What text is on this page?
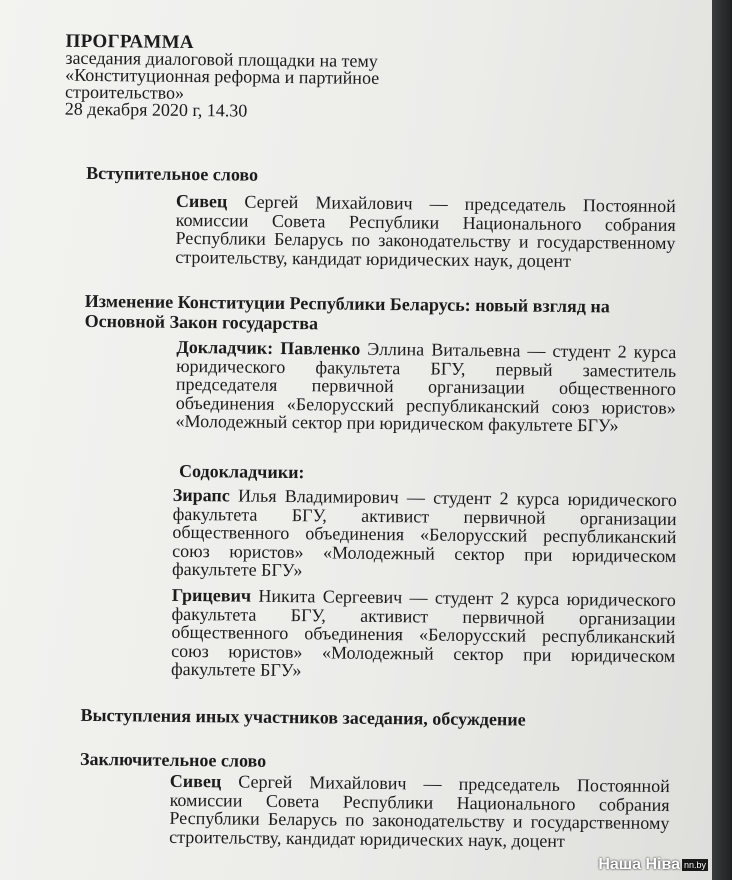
ПРОГРАММА
заседания диалоговой площадки на тему
«Конституционная реформа и партийное
строительство»
28 декабря 2020 г, 14.30
Вступительное слово
Сивец Сергей Михайлович — председатель Постоянной комиссии Совета Республики Национального собрания Республики Беларусь по законодательству и государственному строительству, кандидат юридических наук, доцент
Изменение Конституции Республики Беларусь: новый взгляд на Основной Закон государства
Докладчик: Павленко Эллина Витальевна — студент 2 курса юридического факультета БГУ, первый заместитель председателя первичной организации общественного объединения «Белорусский республиканский союз юристов» «Молодежный сектор при юридическом факультете БГУ»
Содокладчики:
Зирапс Илья Владимирович — студент 2 курса юридического факультета БГУ, активист первичной организации общественного объединения «Белорусский республиканский союз юристов» «Молодежный сектор при юридическом факультете БГУ»
Грицевич Никита Сергеевич — студент 2 курса юридического факультета БГУ, активист первичной организации общественного объединения «Белорусский республиканский союз юристов» «Молодежный сектор при юридическом факультете БГУ»
Выступления иных участников заседания, обсуждение
Заключительное слово
Сивец Сергей Михайлович — председатель Постоянной комиссии Совета Республики Национального собрания Республики Беларусь по законодательству и государственному строительству, кандидат юридических наук, доцент
Наша Ніва nn.by
